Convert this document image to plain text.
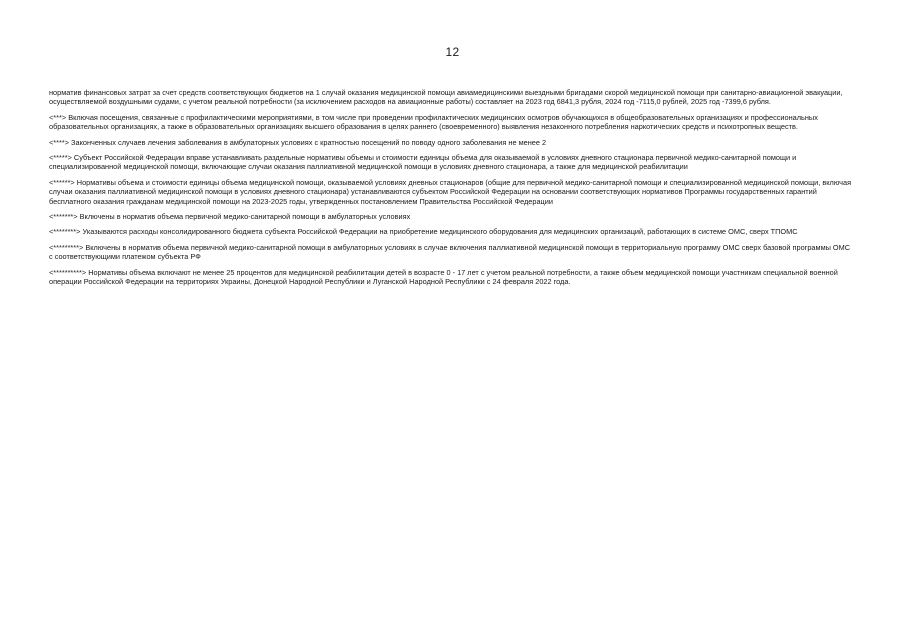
12

норматив финансовых затрат за счет средств соответствующих бюджетов на 1 случай оказания медицинской помощи авиамедицинскими выездными бригадами скорой медицинской помощи при санитарно-авиационной эвакуации, осуществляемой воздушными судами, с учетом реальной потребности (за исключением расходов на авиационные работы) составляет на 2023 год 6841,3 рубля, 2024 год -7115,0 рублей, 2025 год -7399,6 рубля.

<***> Включая посещения, связанные с профилактическими мероприятиями, в том числе при проведении профилактических медицинских осмотров обучающихся в общеобразовательных организациях и профессиональных образовательных организациях, а также в образовательных организациях высшего образования в целях раннего (своевременного) выявления незаконного потребления наркотических средств и психотропных веществ.

<****> Законченных случаев лечения заболевания в амбулаторных условиях с кратностью посещений по поводу одного заболевания не менее 2

<*****> Субъект Российской Федерации вправе устанавливать раздельные нормативы объемы и стоимости единицы объема для оказываемой в условиях дневного стационара первичной медико-санитарной помощи и специализированной медицинской помощи, включающие случаи оказания паллиативной медицинской помощи в условиях дневного стационара, а также для медицинской реабилитации

<******> Нормативы объема и стоимости единицы объема медицинской помощи, оказываемой условиях дневных стационаров (общие для первичной медико-санитарной помощи и специализированной медицинской помощи, включая случаи оказания паллиативной медицинской помощи в условиях дневного стационара) устанавливаются субъектом Российской Федерации на основании соответствующих нормативов Программы государственных гарантий бесплатного оказания гражданам медицинской помощи на 2023-2025 годы, утвержденных постановлением Правительства Российской Федерации

<*******> Включены в норматив объема первичной медико-санитарной помощи в амбулаторных условиях

<********> Указываются расходы консолидированного бюджета субъекта Российской Федерации на приобретение медицинского оборудования для медицинских организаций, работающих в системе ОМС, сверх ТПОМС

<*********> Включены в норматив объема первичной медико-санитарной помощи в амбулаторных условиях в случае включения паллиативной медицинской помощи в территориальную программу ОМС сверх базовой программы ОМС с соответствующими платежом субъекта РФ

<**********> Нормативы объема включают не менее 25 процентов для медицинской реабилитации детей в возрасте 0 - 17 лет с учетом реальной потребности, а также объем медицинской помощи участникам специальной военной
операции Российской Федерации на территориях Украины, Донецкой Народной Республики и Луганской Народной Республики с 24 февраля 2022 года.
